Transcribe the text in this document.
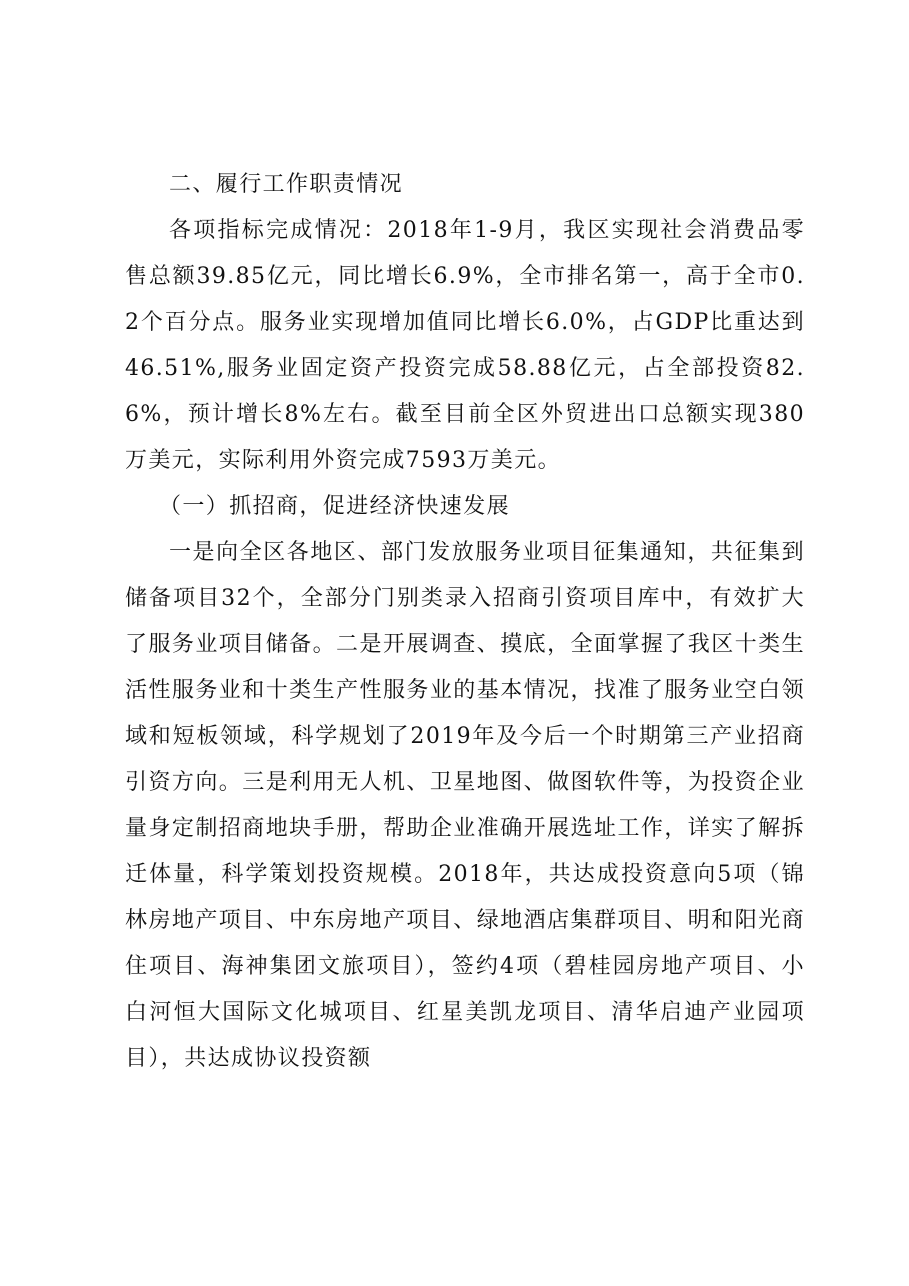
二、履行工作职责情况

各项指标完成情况：2018年1-9月，我区实现社会消费品零售总额39.85亿元，同比增长6.9%，全市排名第一，高于全市0.2个百分点。服务业实现增加值同比增长6.0%，占GDP比重达到46.51%,服务业固定资产投资完成58.88亿元，占全部投资82.6%，预计增长8%左右。截至目前全区外贸进出口总额实现380万美元，实际利用外资完成7593万美元。

（一）抓招商，促进经济快速发展

一是向全区各地区、部门发放服务业项目征集通知，共征集到储备项目32个，全部分门别类录入招商引资项目库中，有效扩大了服务业项目储备。二是开展调查、摸底，全面掌握了我区十类生活性服务业和十类生产性服务业的基本情况，找准了服务业空白领域和短板领域，科学规划了2019年及今后一个时期第三产业招商引资方向。三是利用无人机、卫星地图、做图软件等，为投资企业量身定制招商地块手册，帮助企业准确开展选址工作，详实了解拆迁体量，科学策划投资规模。2018年，共达成投资意向5项（锦林房地产项目、中东房地产项目、绿地酒店集群项目、明和阳光商住项目、海神集团文旅项目），签约4项（碧桂园房地产项目、小白河恒大国际文化城项目、红星美凯龙项目、清华启迪产业园项目），共达成协议投资额
